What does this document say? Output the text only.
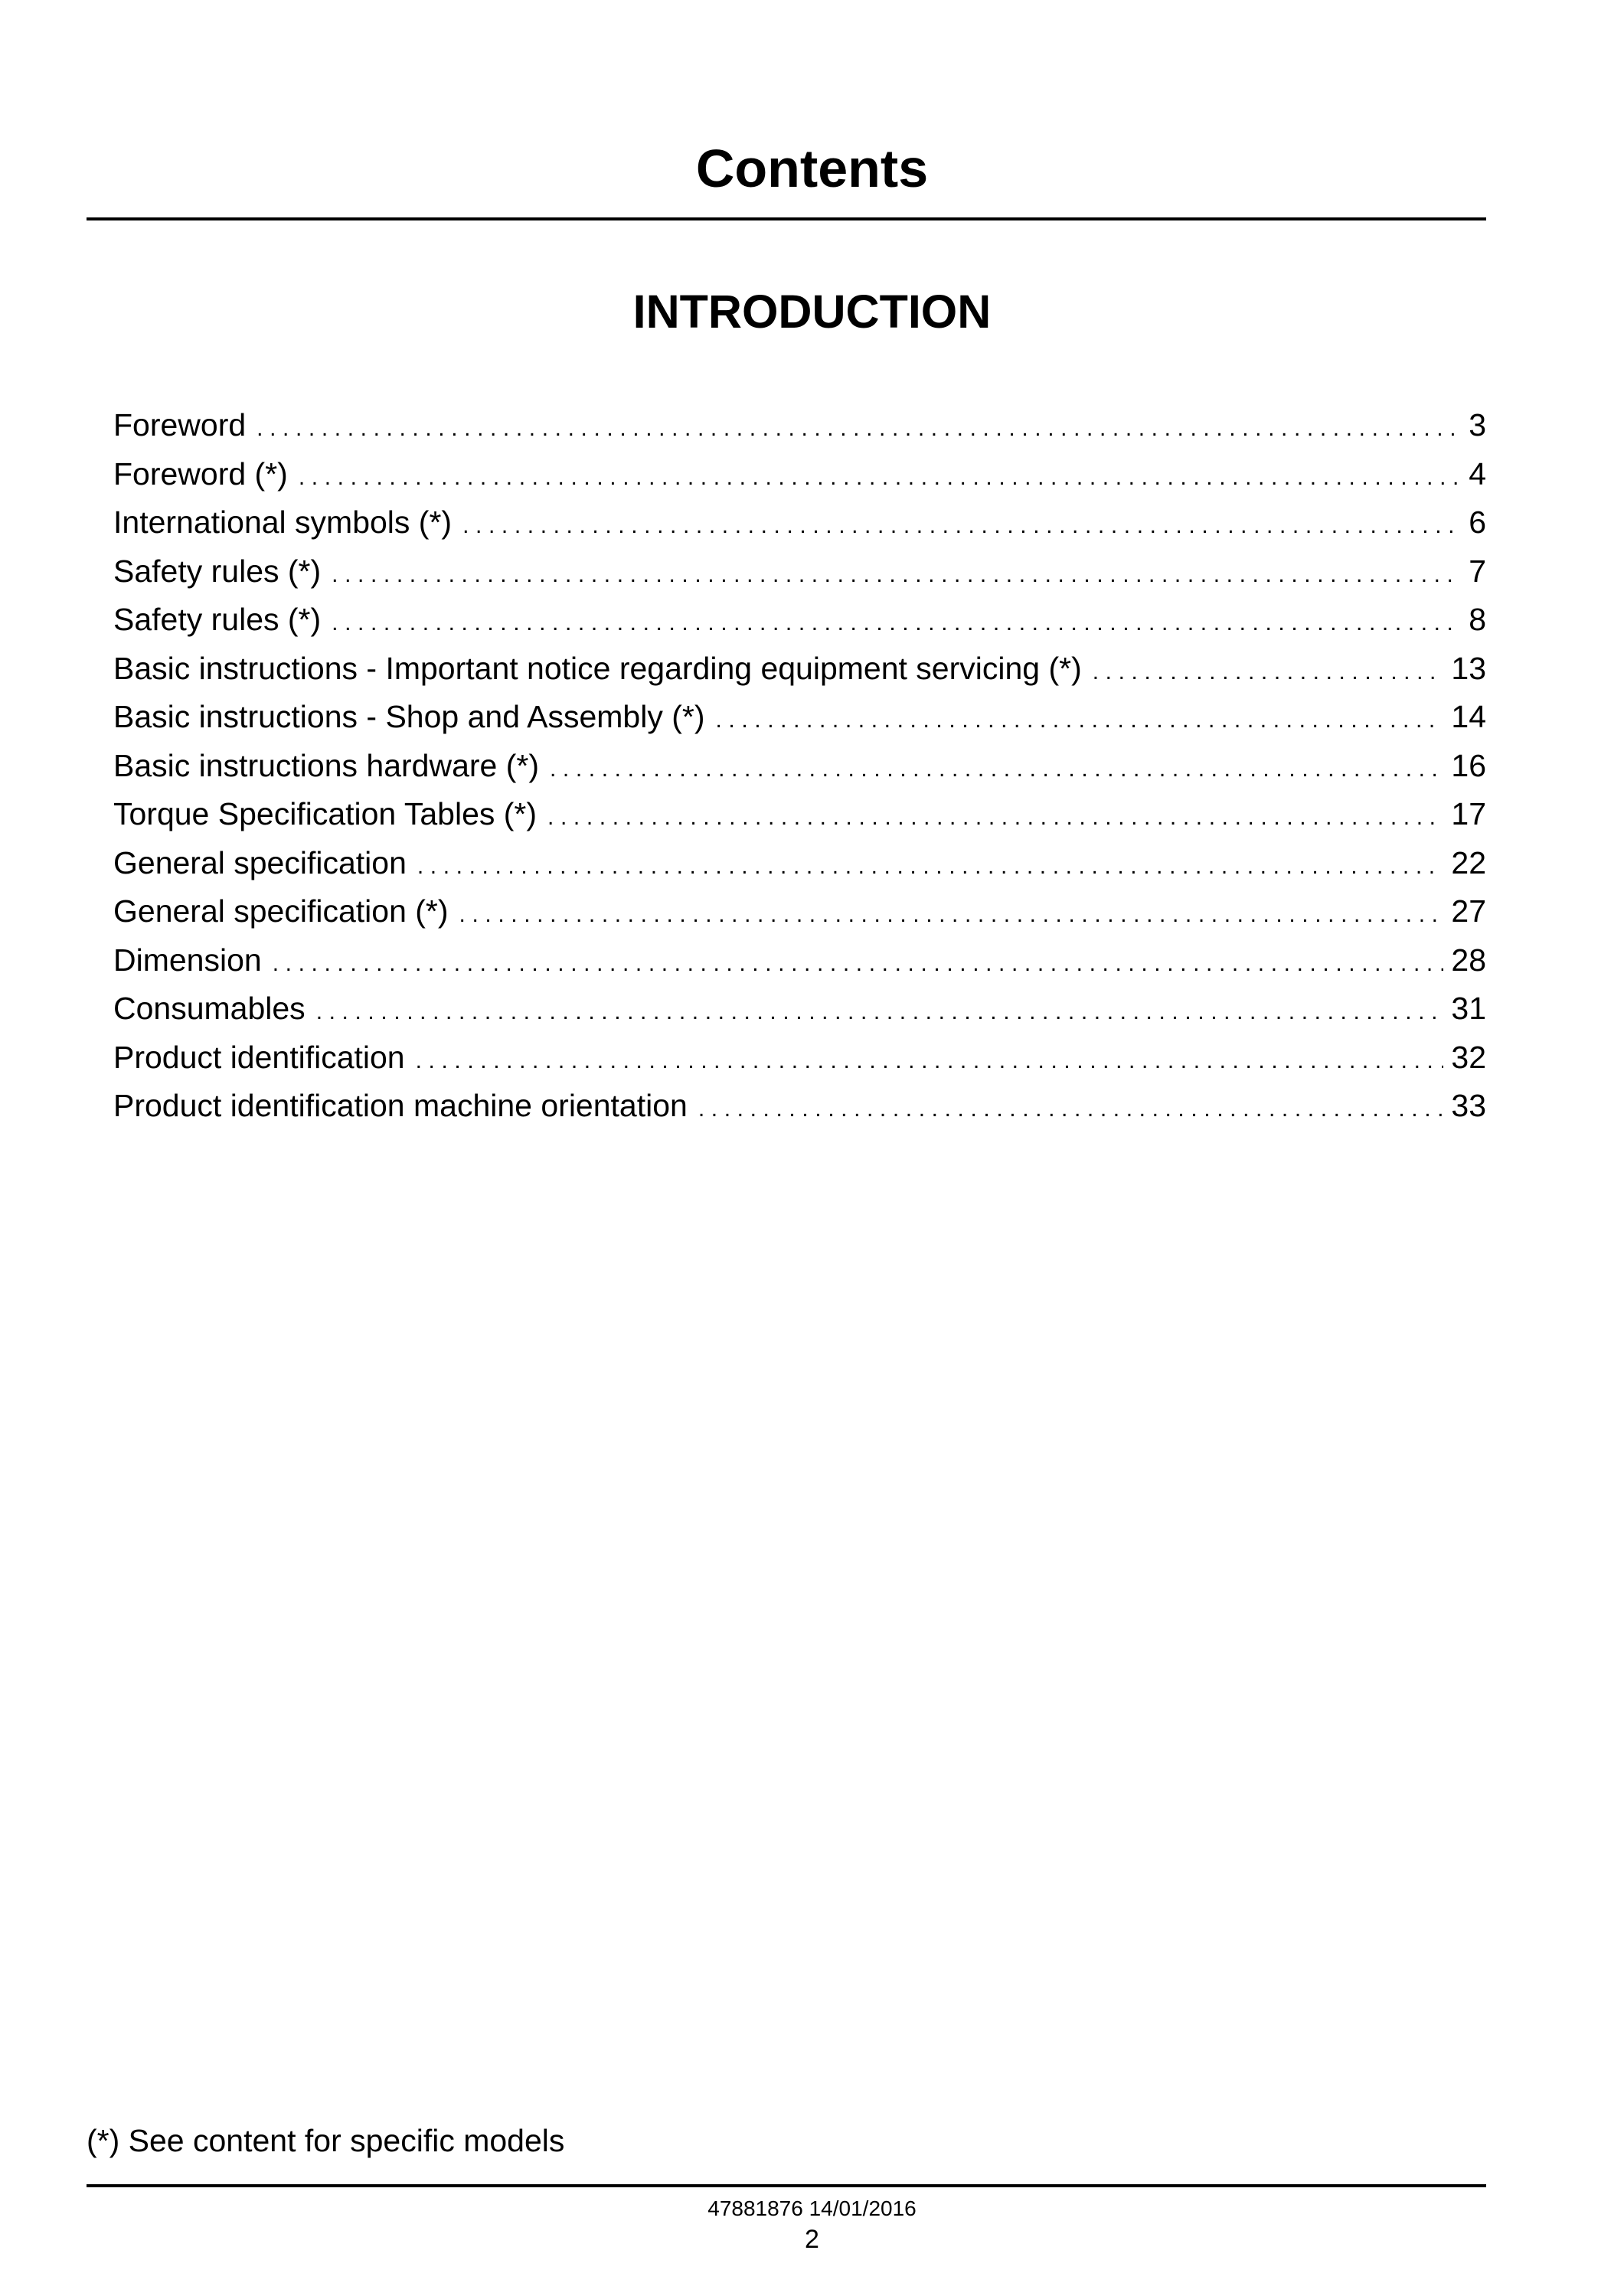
Contents
INTRODUCTION
Foreword .....	3
Foreword (*) .....	4
International symbols (*) .....	6
Safety rules (*) .....	7
Safety rules (*) .....	8
Basic instructions - Important notice regarding equipment servicing (*) .....	13
Basic instructions - Shop and Assembly (*) .....	14
Basic instructions hardware (*) .....	16
Torque Specification Tables (*) .....	17
General specification .....	22
General specification (*) .....	27
Dimension .....	28
Consumables .....	31
Product identification .....	32
Product identification machine orientation .....	33
(*) See content for specific models
47881876 14/01/2016
2
